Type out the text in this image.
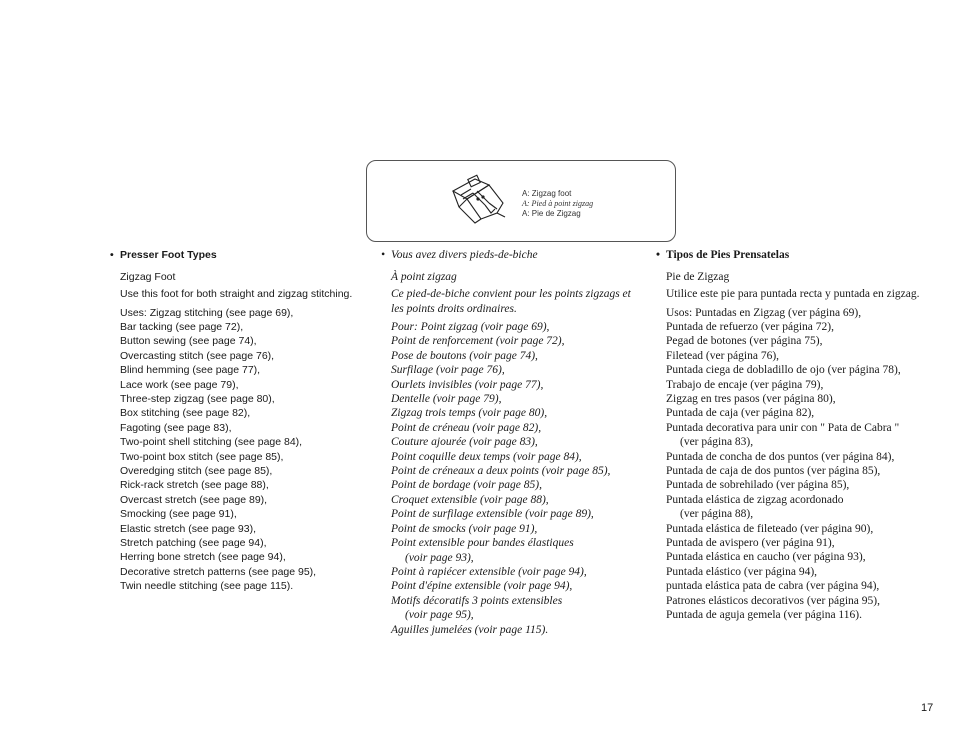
A: Zigzag foot
A: Pied à point zigzag
A: Pie de Zigzag
• Presser Foot Types
Zigzag Foot
Use this foot for both straight and zigzag stitching.
Uses: Zigzag stitching (see page 69),
Bar tacking (see page 72),
Button sewing (see page 74),
Overcasting stitch (see page 76),
Blind hemming (see page 77),
Lace work (see page 79),
Three-step zigzag (see page 80),
Box stitching (see page 82),
Fagoting (see page 83),
Two-point shell stitching (see page 84),
Two-point box stitch (see page 85),
Overedging stitch (see page 85),
Rick-rack stretch (see page 88),
Overcast stretch (see page 89),
Smocking (see page 91),
Elastic stretch (see page 93),
Stretch patching (see page 94),
Herring bone stretch (see page 94),
Decorative stretch patterns (see page 95),
Twin needle stitching (see page 115).
• Vous avez divers pieds-de-biche
À point zigzag
Ce pied-de-biche convient pour les points zigzags et les points droits ordinaires.
Pour: Point zigzag (voir page 69),
Point de renforcement (voir page 72),
Pose de boutons (voir page 74),
Surfilage (voir page 76),
Ourlets invisibles (voir page 77),
Dentelle (voir page 79),
Zigzag trois temps (voir page 80),
Point de créneau (voir page 82),
Couture ajourée (voir page 83),
Point coquille deux temps (voir page 84),
Point de créneaux a deux points (voir page 85),
Point de bordage (voir page 85),
Croquet extensible (voir page 88),
Point de surfilage extensible (voir page 89),
Point de smocks (voir page 91),
Point extensible pour bandes élastiques
(voir page 93),
Point à rapiécer extensible (voir page 94),
Point d'épine extensible (voir page 94),
Motifs décoratifs 3 points extensibles
(voir page 95),
Aguilles jumelées (voir page 115).
• Tipos de Pies Prensatelas
Pie de Zigzag
Utilice este pie para puntada recta y puntada en zigzag.
Usos: Puntadas en Zigzag (ver página 69),
Puntada de refuerzo (ver página 72),
Pegad de botones (ver página 75),
Filetead (ver página 76),
Puntada ciega de dobladillo de ojo (ver página 78),
Trabajo de encaje (ver página 79),
Zigzag en tres pasos (ver página 80),
Puntada de caja (ver página 82),
Puntada decorativa para unir con " Pata de Cabra "
(ver página 83),
Puntada de concha de dos puntos (ver página 84),
Puntada de caja de dos puntos (ver página 85),
Puntada de sobrehilado (ver página 85),
Puntada elástica de zigzag acordonado
(ver página 88),
Puntada elástica de fileteado (ver página 90),
Puntada de avispero (ver página 91),
Puntada elástica en caucho (ver página 93),
Puntada elástico (ver página 94),
puntada elástica pata de cabra (ver página 94),
Patrones elásticos decorativos (ver página 95),
Puntada de aguja gemela (ver página 116).
17
